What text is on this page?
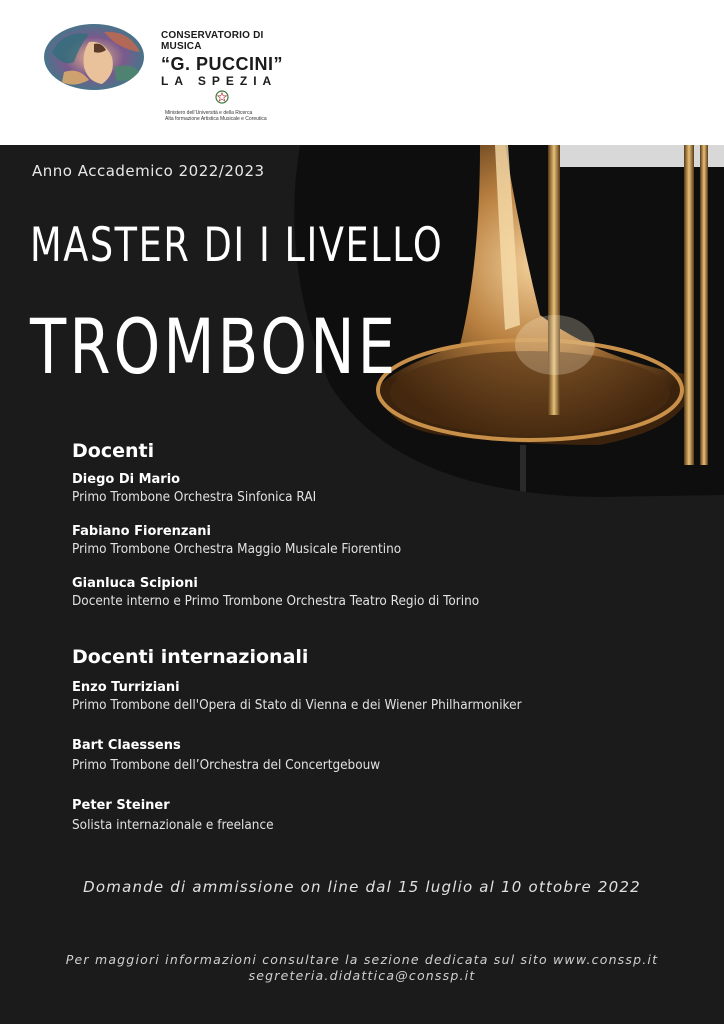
CONSERVATORIO DI MUSICA
“G. PUCCINI”
LA SPEZIA
Ministero dell’Università e della Ricerca
Alta formazione Artistica Musicale e Coreutica
Anno Accademico 2022/2023
MASTER DI I LIVELLO
TROMBONE
Docenti
Diego Di Mario
Primo Trombone Orchestra Sinfonica RAI
Fabiano Fiorenzani
Primo Trombone Orchestra Maggio Musicale Fiorentino
Gianluca Scipioni
Docente interno e Primo Trombone Orchestra Teatro Regio di Torino
Docenti internazionali
Enzo Turriziani
Primo Trombone dell'Opera di Stato di Vienna e dei Wiener Philharmoniker
Bart Claessens
Primo Trombone dell’Orchestra del Concertgebouw
Peter Steiner
Solista internazionale e freelance
Domande di ammissione on line dal 15 luglio al 10 ottobre 2022
Per maggiori informazioni consultare la sezione dedicata sul sito www.conssp.it
segreteria.didattica@conssp.it
